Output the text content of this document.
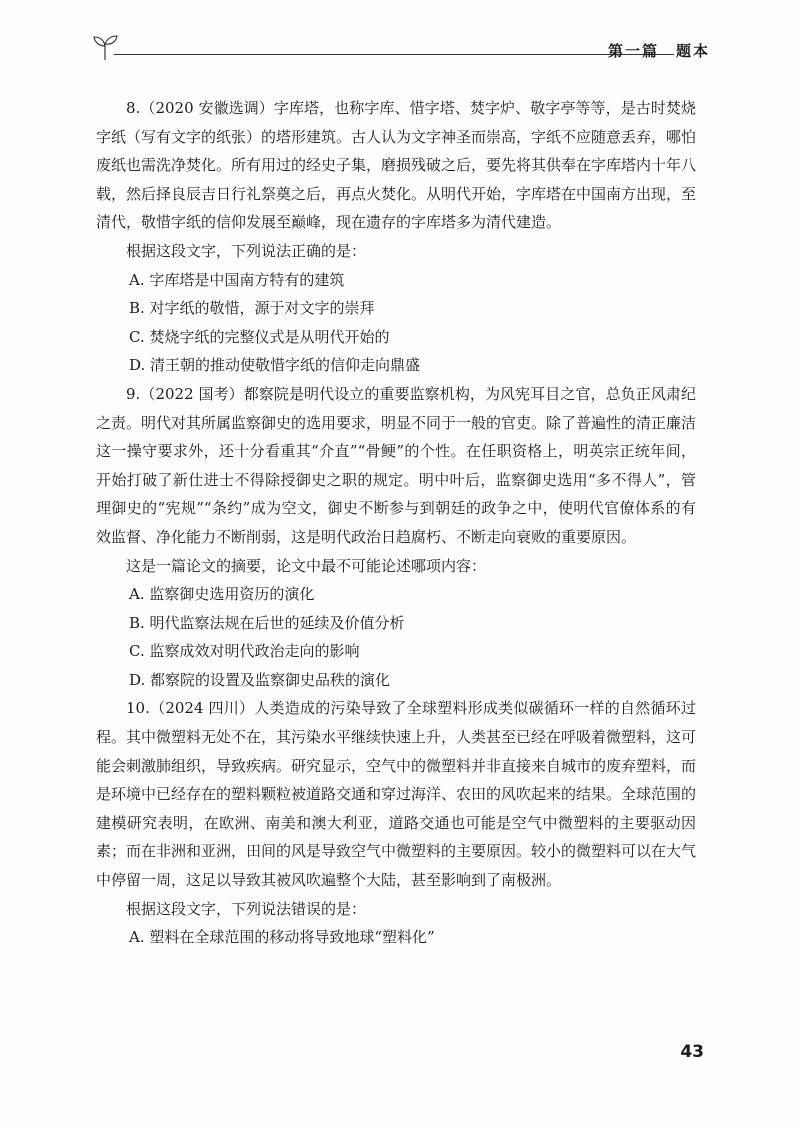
第一篇　题本

8.（2020 安徽选调）字库塔，也称字库、惜字塔、焚字炉、敬字亭等等，是古时焚烧字纸（写有文字的纸张）的塔形建筑。古人认为文字神圣而崇高，字纸不应随意丢弃，哪怕废纸也需洗净焚化。所有用过的经史子集，磨损残破之后，要先将其供奉在字库塔内十年八载，然后择良辰吉日行礼祭奠之后，再点火焚化。从明代开始，字库塔在中国南方出现，至清代，敬惜字纸的信仰发展至巅峰，现在遗存的字库塔多为清代建造。

根据这段文字，下列说法正确的是：

A. 字库塔是中国南方特有的建筑

B. 对字纸的敬惜，源于对文字的崇拜

C. 焚烧字纸的完整仪式是从明代开始的

D. 清王朝的推动使敬惜字纸的信仰走向鼎盛

9.（2022 国考）都察院是明代设立的重要监察机构，为风宪耳目之官，总负正风肃纪之责。明代对其所属监察御史的选用要求，明显不同于一般的官吏。除了普遍性的清正廉洁这一操守要求外，还十分看重其“介直”“骨鲠”的个性。在任职资格上，明英宗正统年间，开始打破了新仕进士不得除授御史之职的规定。明中叶后，监察御史选用“多不得人”，管理御史的“宪规”“条约”成为空文，御史不断参与到朝廷的政争之中，使明代官僚体系的有效监督、净化能力不断削弱，这是明代政治日趋腐朽、不断走向衰败的重要原因。

这是一篇论文的摘要，论文中最不可能论述哪项内容：

A. 监察御史选用资历的演化

B. 明代监察法规在后世的延续及价值分析

C. 监察成效对明代政治走向的影响

D. 都察院的设置及监察御史品秩的演化

10.（2024 四川）人类造成的污染导致了全球塑料形成类似碳循环一样的自然循环过程。其中微塑料无处不在，其污染水平继续快速上升，人类甚至已经在呼吸着微塑料，这可能会刺激肺组织，导致疾病。研究显示，空气中的微塑料并非直接来自城市的废弃塑料，而是环境中已经存在的塑料颗粒被道路交通和穿过海洋、农田的风吹起来的结果。全球范围的建模研究表明，在欧洲、南美和澳大利亚，道路交通也可能是空气中微塑料的主要驱动因素；而在非洲和亚洲，田间的风是导致空气中微塑料的主要原因。较小的微塑料可以在大气中停留一周，这足以导致其被风吹遍整个大陆，甚至影响到了南极洲。

根据这段文字，下列说法错误的是：

A. 塑料在全球范围的移动将导致地球“塑料化”

43
